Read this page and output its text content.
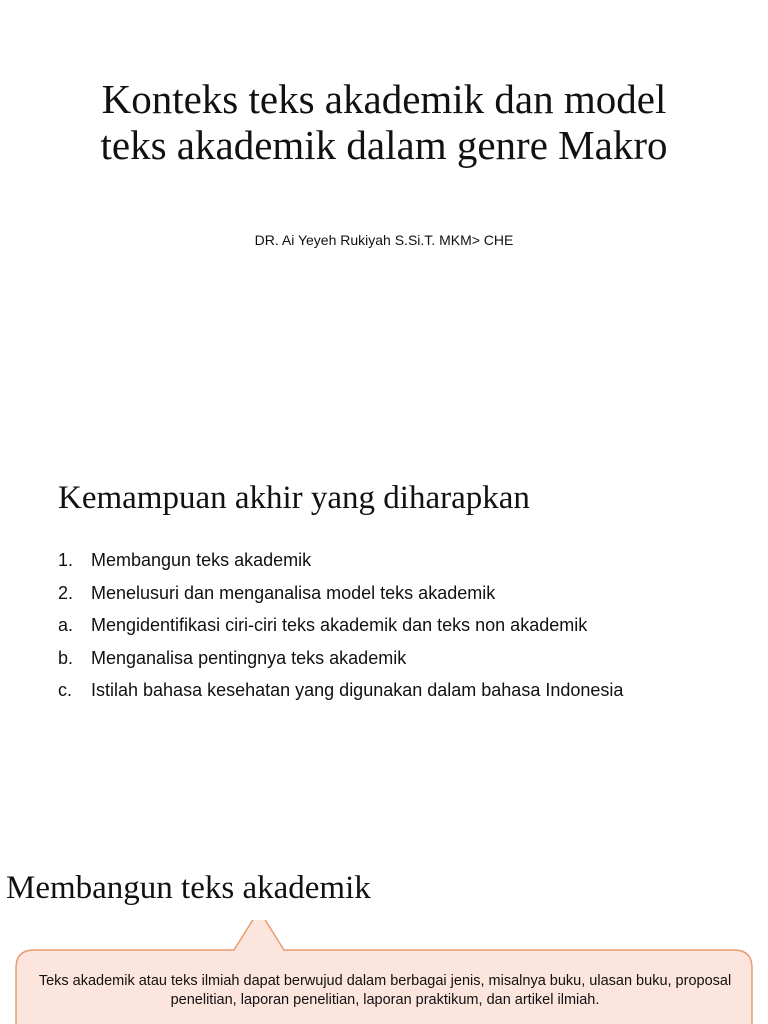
Konteks teks akademik dan model teks akademik dalam genre Makro
DR. Ai Yeyeh Rukiyah S.Si.T. MKM> CHE
Kemampuan akhir yang diharapkan
1. Membangun teks akademik
2. Menelusuri dan menganalisa model teks akademik
a. Mengidentifikasi ciri-ciri teks akademik dan teks non akademik
b. Menganalisa pentingnya teks akademik
c.	Istilah bahasa kesehatan yang digunakan dalam bahasa Indonesia
Membangun teks akademik
Teks akademik atau teks ilmiah dapat berwujud dalam berbagai jenis, misalnya buku, ulasan buku, proposal penelitian, laporan penelitian, laporan praktikum, dan artikel ilmiah.
